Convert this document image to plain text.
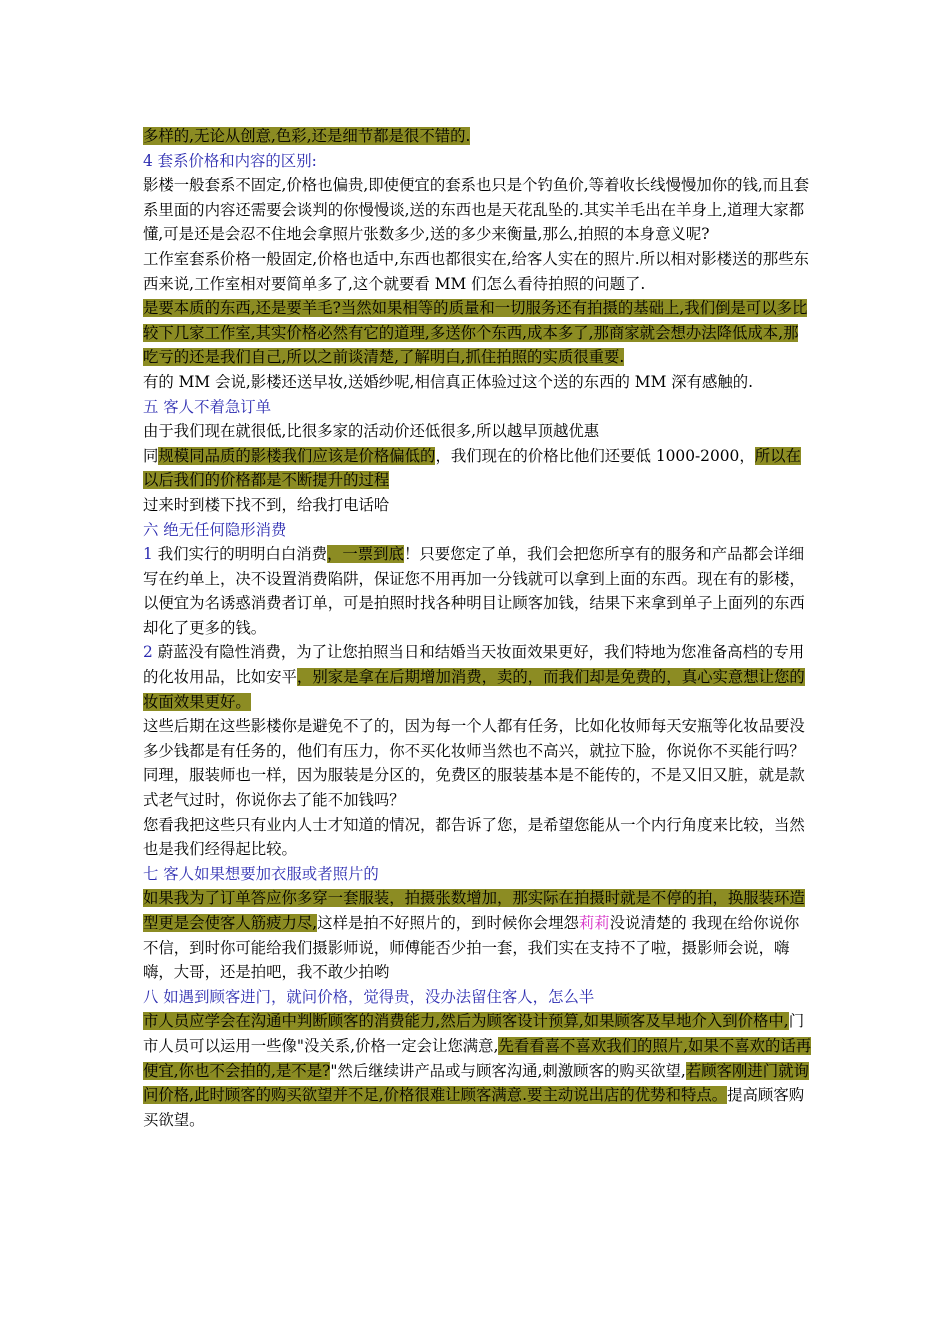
多样的,无论从创意,色彩,还是细节都是很不错的.

4 套系价格和内容的区别:

影楼一般套系不固定,价格也偏贵,即使便宜的套系也只是个钓鱼价,等着收长线慢慢加你的钱,而且套系里面的内容还需要会谈判的你慢慢谈,送的东西也是天花乱坠的.其实羊毛出在羊身上,道理大家都懂,可是还是会忍不住地会拿照片张数多少,送的多少来衡量,那么,拍照的本身意义呢?

工作室套系价格一般固定,价格也适中,东西也都很实在,给客人实在的照片.所以相对影楼送的那些东西来说,工作室相对要简单多了,这个就要看 MM 们怎么看待拍照的问题了.

是要本质的东西,还是要羊毛?当然如果相等的质量和一切服务还有拍摄的基础上,我们倒是可以多比较下几家工作室,其实价格必然有它的道理,多送你个东西,成本多了,那商家就会想办法降低成本,那吃亏的还是我们自己,所以之前谈清楚,了解明白,抓住拍照的实质很重要.

有的 MM 会说,影楼还送早妆,送婚纱呢,相信真正体验过这个送的东西的 MM 深有感触的.

五 客人不着急订单

由于我们现在就很低,比很多家的活动价还低很多,所以越早顶越优惠

同规模同品质的影楼我们应该是价格偏低的，我们现在的价格比他们还要低 1000-2000，所以在以后我们的价格都是不断提升的过程

过来时到楼下找不到，给我打电话哈

六 绝无任何隐形消费

1 我们实行的明明白白消费，一票到底！只要您定了单，我们会把您所享有的服务和产品都会详细写在约单上，决不设置消费陷阱，保证您不用再加一分钱就可以拿到上面的东西。现在有的影楼，以便宜为名诱惑消费者订单，可是拍照时找各种明目让顾客加钱，结果下来拿到单子上面列的东西却化了更多的钱。

2 蔚蓝没有隐性消费，为了让您拍照当日和结婚当天妆面效果更好，我们特地为您准备高档的专用的化妆用品，比如安平，别家是拿在后期增加消费，卖的，而我们却是免费的，真心实意想让您的妆面效果更好。

这些后期在这些影楼你是避免不了的，因为每一个人都有任务，比如化妆师每天安瓶等化妆品要没多少钱都是有任务的，他们有压力，你不买化妆师当然也不高兴，就拉下脸，你说你不买能行吗？同理，服装师也一样，因为服装是分区的，免费区的服装基本是不能传的，不是又旧又脏，就是款式老气过时，你说你去了能不加钱吗？

您看我把这些只有业内人士才知道的情况，都告诉了您，是希望您能从一个内行角度来比较，当然也是我们经得起比较。

七 客人如果想要加衣服或者照片的

如果我为了订单答应你多穿一套服装，拍摄张数增加，那实际在拍摄时就是不停的拍，换服装环造型更是会使客人筋疲力尽,这样是拍不好照片的，到时候你会埋怨莉莉没说清楚的 我现在给你说你不信，到时你可能给我们摄影师说，师傅能否少拍一套，我们实在支持不了啦，摄影师会说，嗨嗨，大哥，还是拍吧，我不敢少拍哟

八 如遇到顾客进门，就问价格，觉得贵，没办法留住客人，怎么半

市人员应学会在沟通中判断顾客的消费能力,然后为顾客设计预算,如果顾客及早地介入到价格中,门市人员可以运用一些像"没关系,价格一定会让您满意,先看看喜不喜欢我们的照片,如果不喜欢的话再便宜,你也不会拍的,是不是?"然后继续讲产品或与顾客沟通,刺激顾客的购买欲望,若顾客刚进门就询问价格,此时顾客的购买欲望并不足,价格很难让顾客满意.要主动说出店的优势和特点。提高顾客购买欲望。
